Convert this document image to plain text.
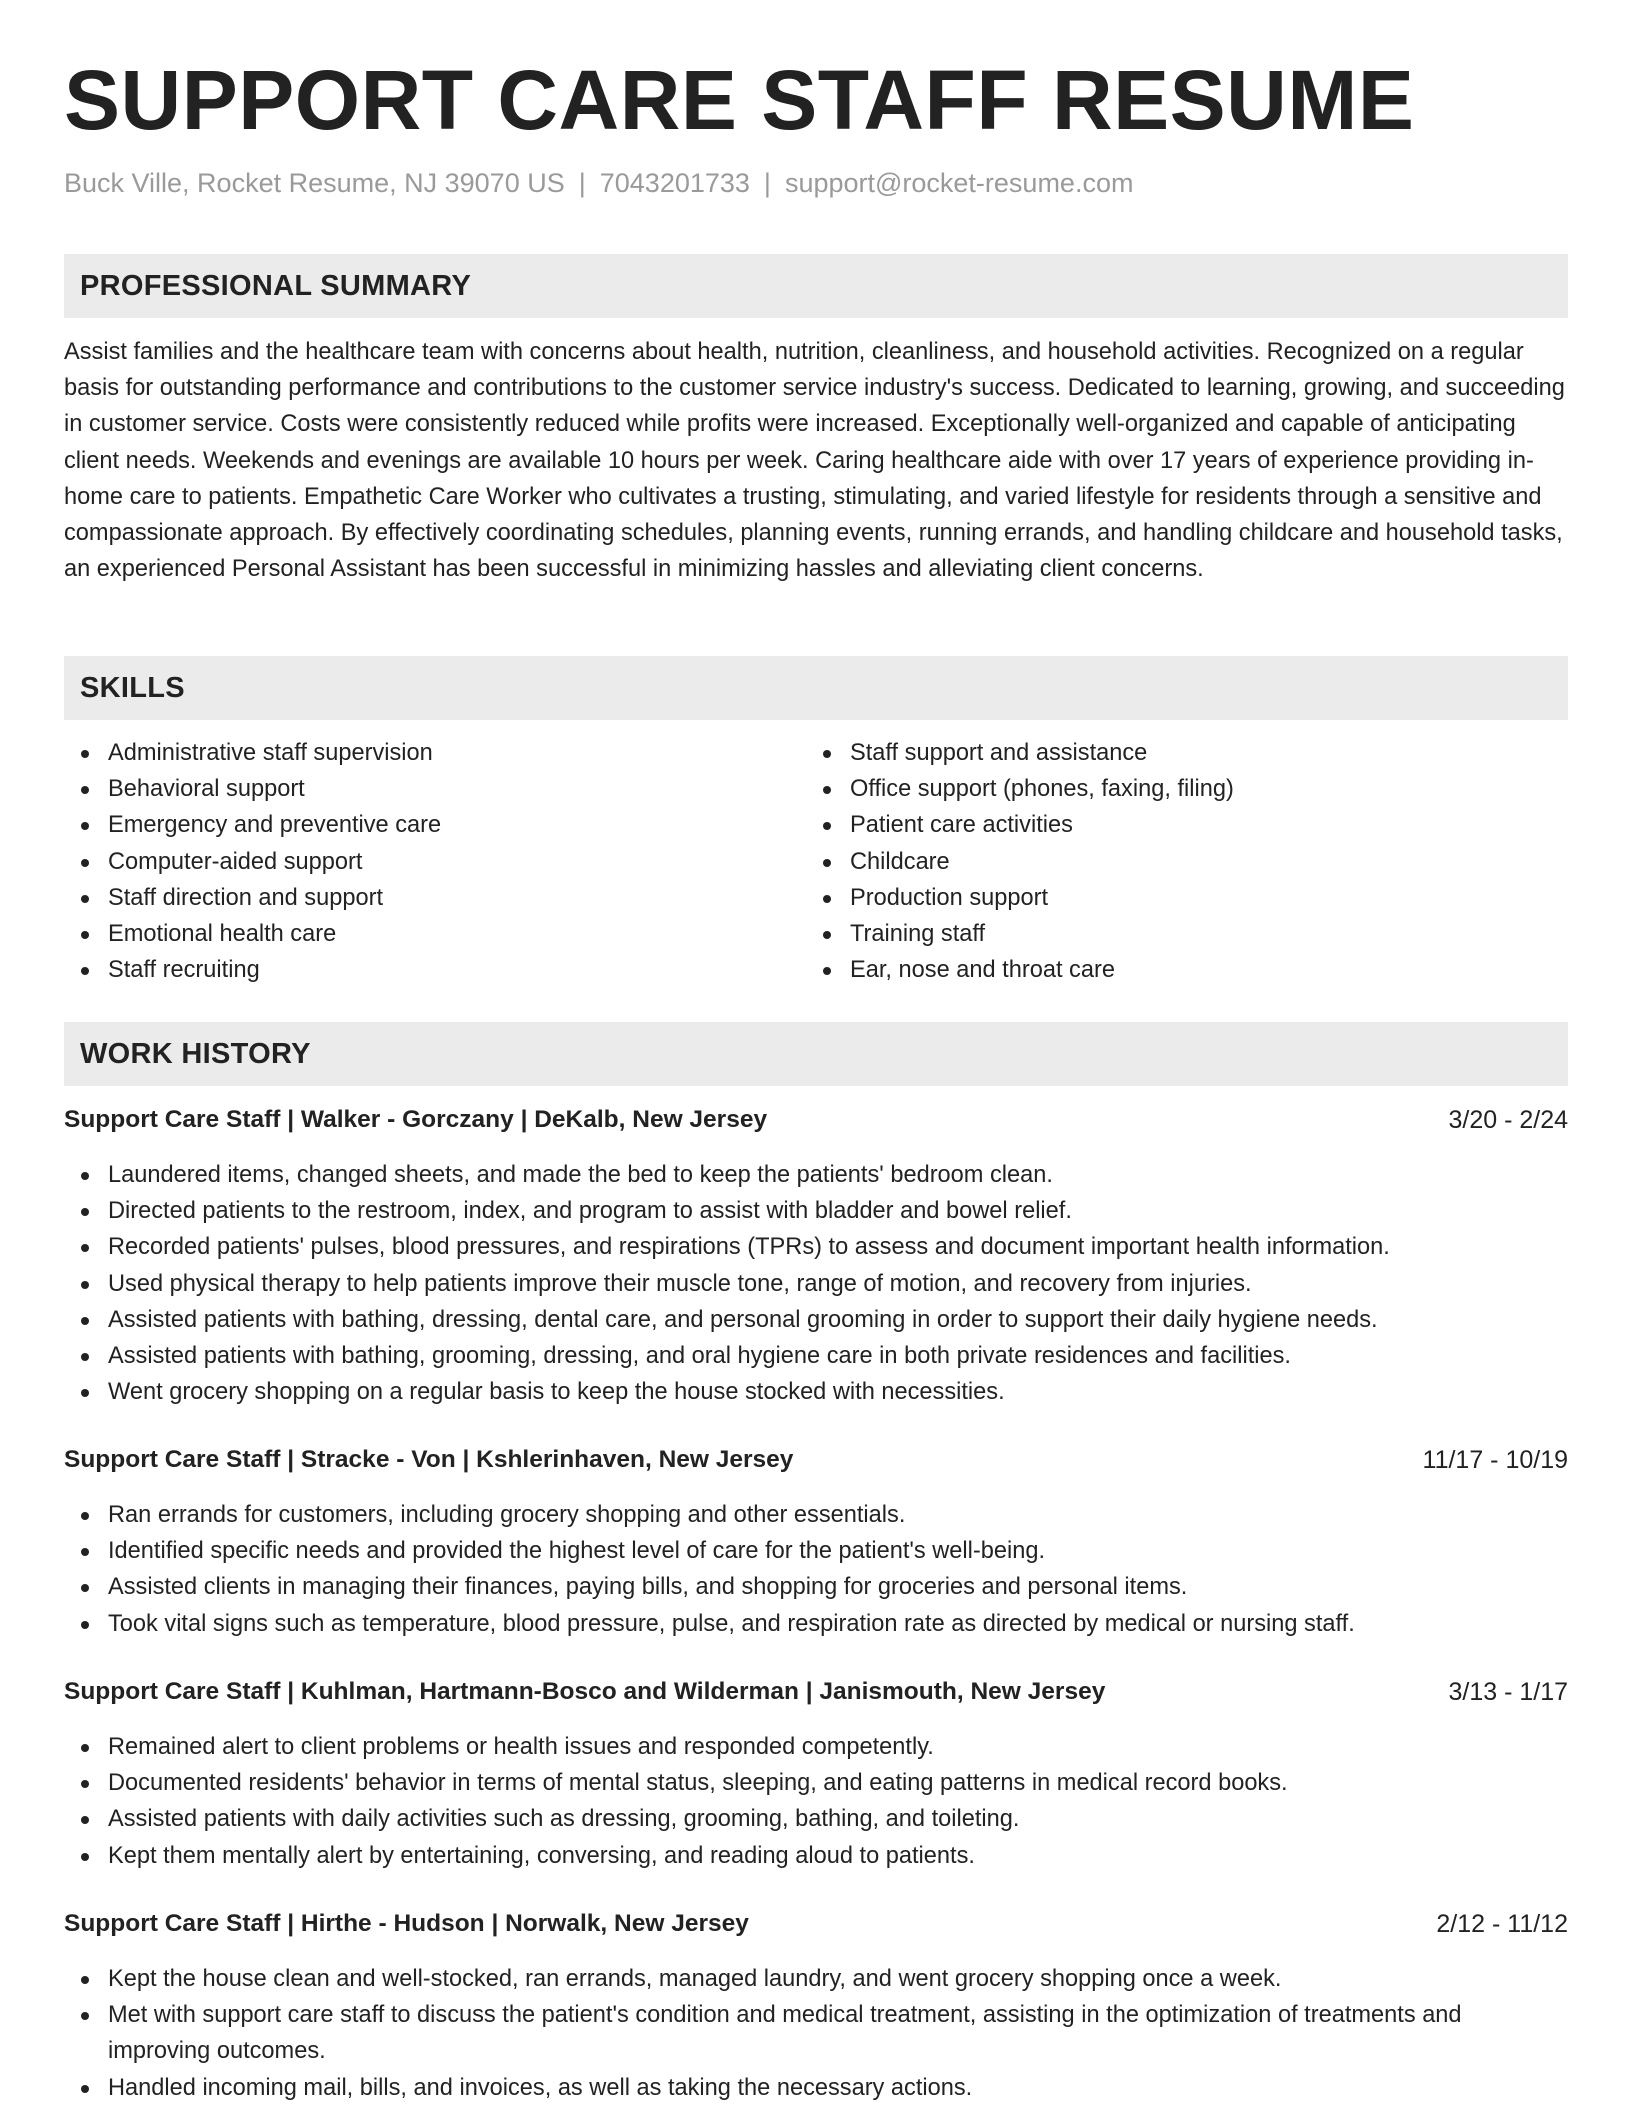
SUPPORT CARE STAFF RESUME
Buck Ville, Rocket Resume, NJ 39070 US | 7043201733 | support@rocket-resume.com
PROFESSIONAL SUMMARY
Assist families and the healthcare team with concerns about health, nutrition, cleanliness, and household activities. Recognized on a regular basis for outstanding performance and contributions to the customer service industry's success. Dedicated to learning, growing, and succeeding in customer service. Costs were consistently reduced while profits were increased. Exceptionally well-organized and capable of anticipating client needs. Weekends and evenings are available 10 hours per week. Caring healthcare aide with over 17 years of experience providing in-home care to patients. Empathetic Care Worker who cultivates a trusting, stimulating, and varied lifestyle for residents through a sensitive and compassionate approach. By effectively coordinating schedules, planning events, running errands, and handling childcare and household tasks, an experienced Personal Assistant has been successful in minimizing hassles and alleviating client concerns.
SKILLS
Administrative staff supervision
Behavioral support
Emergency and preventive care
Computer-aided support
Staff direction and support
Emotional health care
Staff recruiting
Staff support and assistance
Office support (phones, faxing, filing)
Patient care activities
Childcare
Production support
Training staff
Ear, nose and throat care
WORK HISTORY
Support Care Staff | Walker - Gorczany | DeKalb, New Jersey	3/20 - 2/24
Laundered items, changed sheets, and made the bed to keep the patients' bedroom clean.
Directed patients to the restroom, index, and program to assist with bladder and bowel relief.
Recorded patients' pulses, blood pressures, and respirations (TPRs) to assess and document important health information.
Used physical therapy to help patients improve their muscle tone, range of motion, and recovery from injuries.
Assisted patients with bathing, dressing, dental care, and personal grooming in order to support their daily hygiene needs.
Assisted patients with bathing, grooming, dressing, and oral hygiene care in both private residences and facilities.
Went grocery shopping on a regular basis to keep the house stocked with necessities.
Support Care Staff | Stracke - Von | Kshlerinhaven, New Jersey	11/17 - 10/19
Ran errands for customers, including grocery shopping and other essentials.
Identified specific needs and provided the highest level of care for the patient's well-being.
Assisted clients in managing their finances, paying bills, and shopping for groceries and personal items.
Took vital signs such as temperature, blood pressure, pulse, and respiration rate as directed by medical or nursing staff.
Support Care Staff | Kuhlman, Hartmann-Bosco and Wilderman | Janismouth, New Jersey	3/13 - 1/17
Remained alert to client problems or health issues and responded competently.
Documented residents' behavior in terms of mental status, sleeping, and eating patterns in medical record books.
Assisted patients with daily activities such as dressing, grooming, bathing, and toileting.
Kept them mentally alert by entertaining, conversing, and reading aloud to patients.
Support Care Staff | Hirthe - Hudson | Norwalk, New Jersey	2/12 - 11/12
Kept the house clean and well-stocked, ran errands, managed laundry, and went grocery shopping once a week.
Met with support care staff to discuss the patient's condition and medical treatment, assisting in the optimization of treatments and improving outcomes.
Handled incoming mail, bills, and invoices, as well as taking the necessary actions.
